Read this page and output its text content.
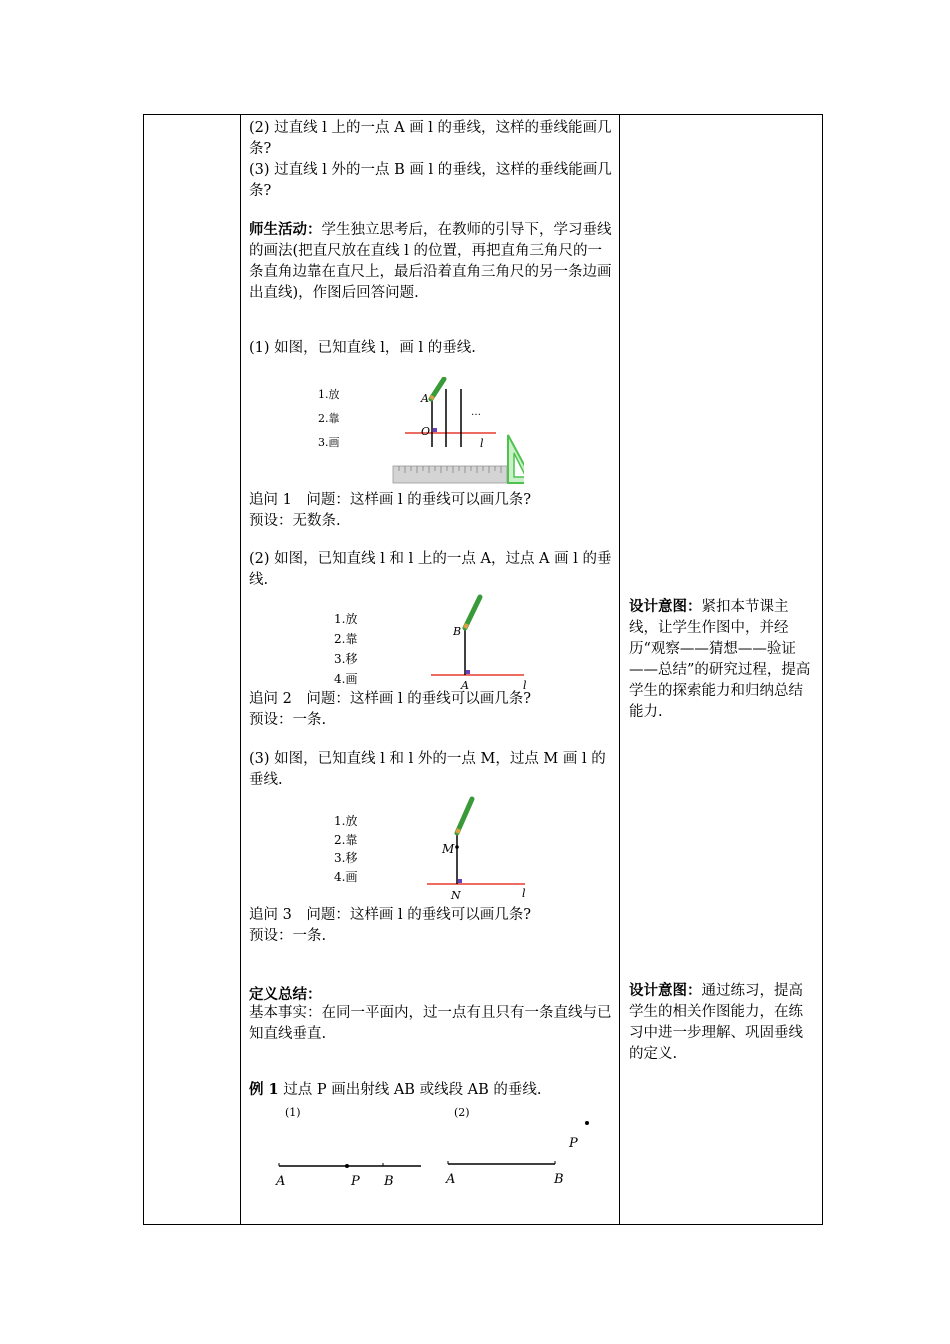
(2) 过直线 l 上的一点 A 画 l 的垂线，这样的垂线能画几条?
(3) 过直线 l 外的一点 B 画 l 的垂线，这样的垂线能画几条?
师生活动：学生独立思考后，在教师的引导下，学习垂线的画法(把直尺放在直线 l 的位置，再把直角三角尺的一条直角边靠在直尺上，最后沿着直角三角尺的另一条边画出直线)，作图后回答问题.
(1) 如图，已知直线 l，画 l 的垂线.
1.放
2.靠
3.画
A
O
l
…
追问 1　问题：这样画 l 的垂线可以画几条?
预设：无数条.
(2) 如图，已知直线 l 和 l 上的一点 A，过点 A 画 l 的垂线.
1.放
2.靠
3.移
4.画
B
A	l
追问 2　问题：这样画 l 的垂线可以画几条?
预设：一条.
(3) 如图，已知直线 l 和 l 外的一点 M，过点 M 画 l 的垂线.
1.放
2.靠
3.移
4.画
M
N	l
追问 3　问题：这样画 l 的垂线可以画几条?
预设：一条.
定义总结：
基本事实：在同一平面内，过一点有且只有一条直线与已知直线垂直.
例 1 过点 P 画出射线 AB 或线段 AB 的垂线.
(1)
A	P B
(2)
A	B
P
设计意图：紧扣本节课主线，让学生作图中，并经历“观察——猜想——验证——总结”的研究过程，提高学生的探索能力和归纳总结能力.
设计意图：通过练习，提高学生的相关作图能力，在练习中进一步理解、巩固垂线的定义.
